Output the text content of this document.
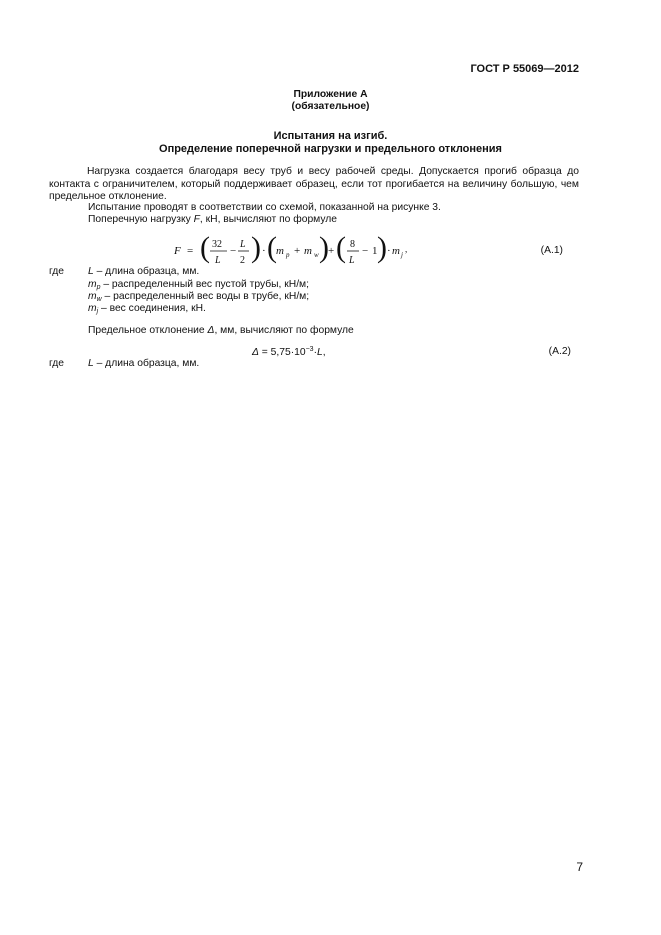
ГОСТ Р 55069—2012
Приложение А
(обязательное)
Испытания на изгиб.
Определение поперечной нагрузки и предельного отклонения
Нагрузка создается благодаря весу труб и весу рабочей среды. Допускается прогиб образца до контакта с ограничителем, который поддерживает образец, если тот прогибается на величину большую, чем предельное отклонение.
Испытание проводят в соответствии со схемой, показанной на рисунке 3.
Поперечную нагрузку F, кН, вычисляют по формуле
F = ( 32
L
−
L
2 ) · ( m p + m w ) + ( 8
L
− 1 ) · m j
,	(А.1)
где L – длина образца, мм.
$m_p$ – распределенный вес пустой трубы, кН/м;
$m_w$ – распределенный вес воды в трубе, кН/м;
$m_j$ – вес соединения, кН.
Предельное отклонение Δ, мм, вычисляют по формуле
$\Delta = 5,75\cdot 10^{-3}\cdot L$,	(А.2)
где L – длина образца, мм.
7
